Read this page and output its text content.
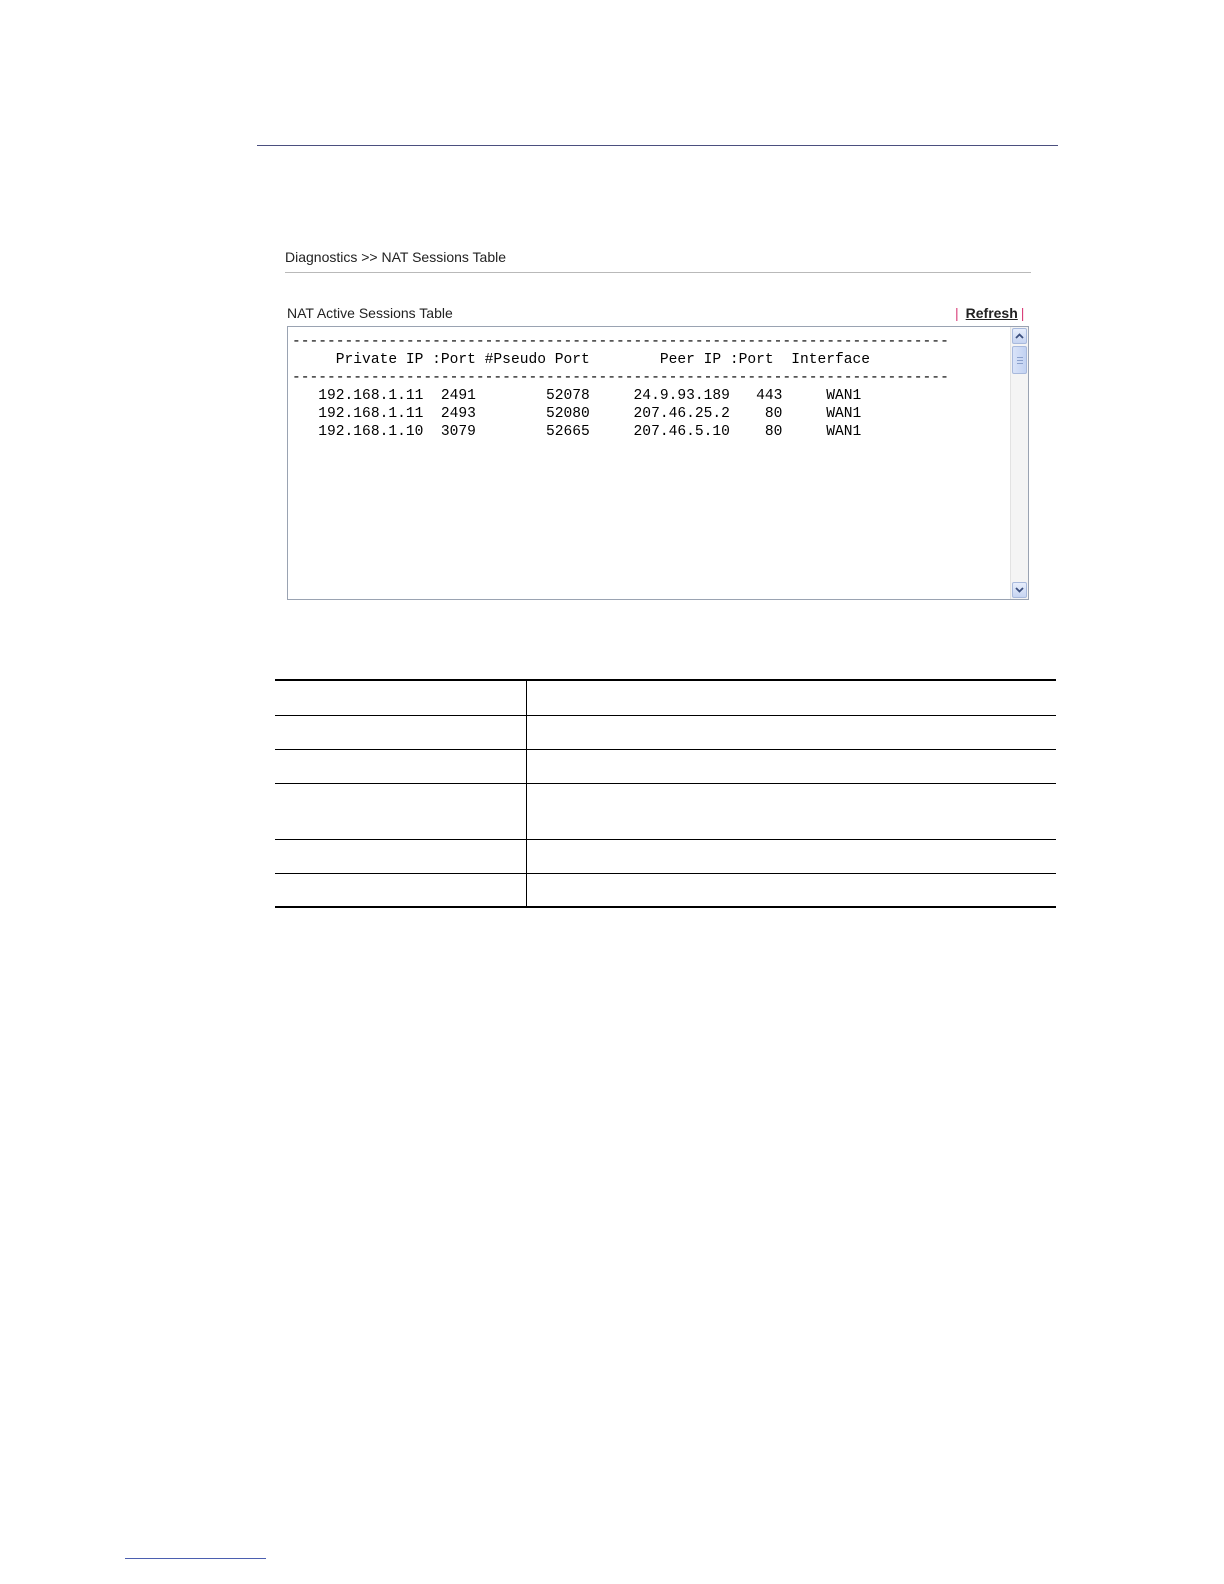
Diagnostics >> NAT Sessions Table
NAT Active Sessions Table	| Refresh |
---------------------------------------------------------------------------
Private IP :Port #Pseudo Port        Peer IP :Port  Interface
---------------------------------------------------------------------------
192.168.1.11  2491        52078     24.9.93.189   443     WAN1
192.168.1.11  2493        52080     207.46.25.2    80     WAN1
192.168.1.10  3079        52665     207.46.5.10    80     WAN1
